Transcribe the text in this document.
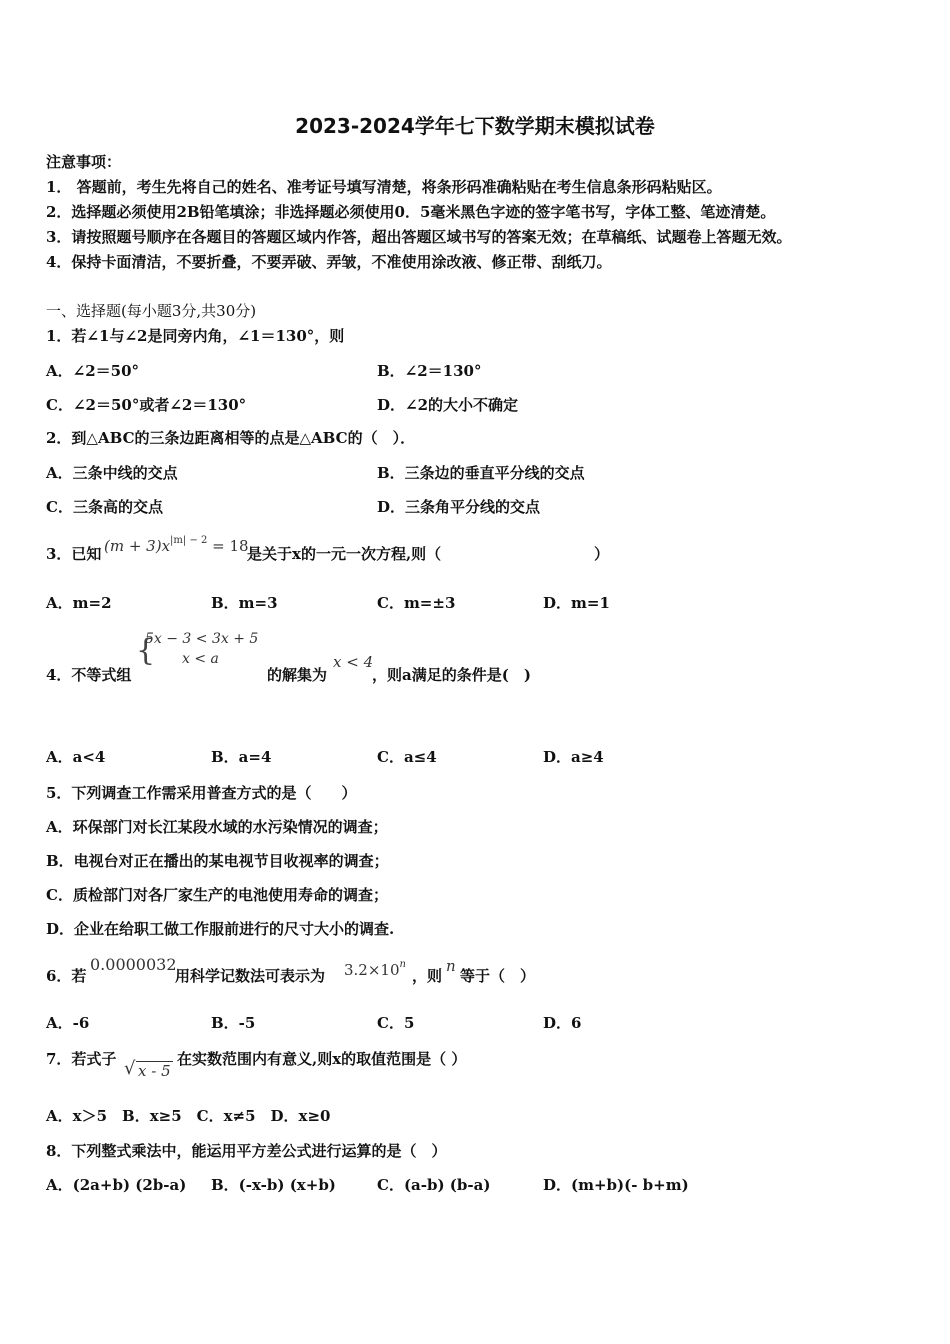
2023-2024学年七下数学期末模拟试卷
注意事项：
1． 答题前，考生先将自己的姓名、准考证号填写清楚，将条形码准确粘贴在考生信息条形码粘贴区。
2．选择题必须使用2B铅笔填涂；非选择题必须使用0．5毫米黑色字迹的签字笔书写，字体工整、笔迹清楚。
3．请按照题号顺序在各题目的答题区域内作答，超出答题区域书写的答案无效；在草稿纸、试题卷上答题无效。
4．保持卡面清洁，不要折叠，不要弄破、弄皱，不准使用涂改液、修正带、刮纸刀。
一、选择题(每小题3分,共30分)
1．若∠1与∠2是同旁内角，∠1＝130°，则
A．∠2＝50°	B．∠2＝130°
C．∠2＝50°或者∠2＝130°	D．∠2的大小不确定
2．到△ABC的三条边距离相等的点是△ABC的（　）．
A．三条中线的交点	B．三条边的垂直平分线的交点
C．三条高的交点	D．三条角平分线的交点
3．已知 $(m + 3)x^{|m| - 2} = 18$
是关于x的一元一次方程,则（	）
A．m=2	B．m=3	C．m=±3	D．m=1
4．不等式组
{
5x − 3 < 3x + 5
x < a
的解集为
x < 4
，则a满足的条件是(　)
A．a<4	B．a=4	C．a≤4	D．a≥4
5．下列调查工作需采用普查方式的是（　　）
A．环保部门对长江某段水域的水污染情况的调查；
B．电视台对正在播出的某电视节目收视率的调查；
C．质检部门对各厂家生产的电池使用寿命的调查；
D．企业在给职工做工作服前进行的尺寸大小的调查.
6．若
0.0000032
用科学记数法可表示为 $3.2\times 10^n$
，则
n
等于（　）
A．-6	B．-5	C．5	D．6
7．若式子 √ x - 5
在实数范围内有意义,则x的取值范围是（ ）
A．x＞5　B．x≥5　C．x≠5　D．x≥0
8．下列整式乘法中，能运用平方差公式进行运算的是（　）
A．(2a+b) (2b-a) B．(-x-b) (x+b)	C．(a-b) (b-a)	D．(m+b)(- b+m)
